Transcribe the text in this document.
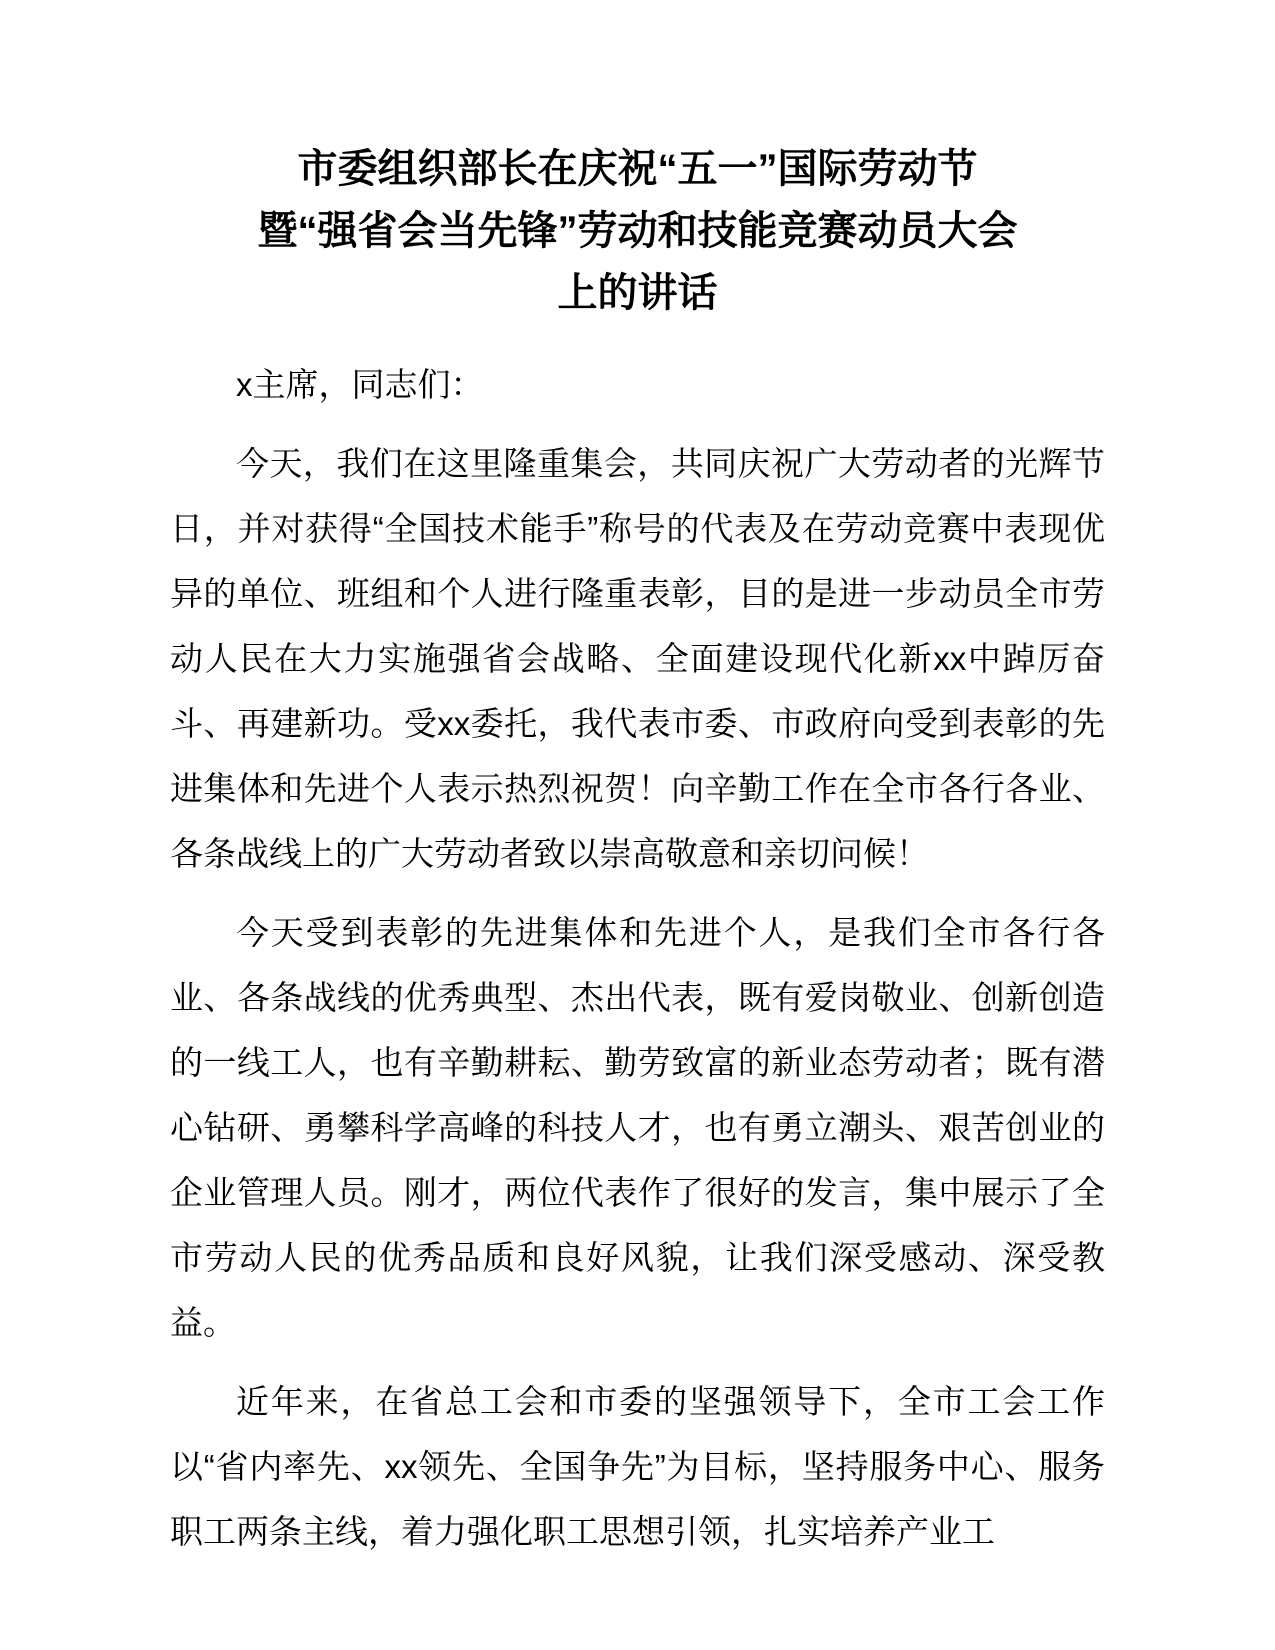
市委组织部长在庆祝“五一”国际劳动节
暨“强省会当先锋”劳动和技能竞赛动员大会
上的讲话

x主席，同志们：

今天，我们在这里隆重集会，共同庆祝广大劳动者的光辉节日，并对获得“全国技术能手”称号的代表及在劳动竞赛中表现优异的单位、班组和个人进行隆重表彰，目的是进一步动员全市劳动人民在大力实施强省会战略、全面建设现代化新xx中踔厉奋斗、再建新功。受xx委托，我代表市委、市政府向受到表彰的先进集体和先进个人表示热烈祝贺！向辛勤工作在全市各行各业、各条战线上的广大劳动者致以崇高敬意和亲切问候！

今天受到表彰的先进集体和先进个人，是我们全市各行各业、各条战线的优秀典型、杰出代表，既有爱岗敬业、创新创造的一线工人，也有辛勤耕耘、勤劳致富的新业态劳动者；既有潜心钻研、勇攀科学高峰的科技人才，也有勇立潮头、艰苦创业的企业管理人员。刚才，两位代表作了很好的发言，集中展示了全市劳动人民的优秀品质和良好风貌，让我们深受感动、深受教益。

近年来，在省总工会和市委的坚强领导下，全市工会工作以“省内率先、xx领先、全国争先”为目标，坚持服务中心、服务职工两条主线，着力强化职工思想引领，扎实培养产业工
